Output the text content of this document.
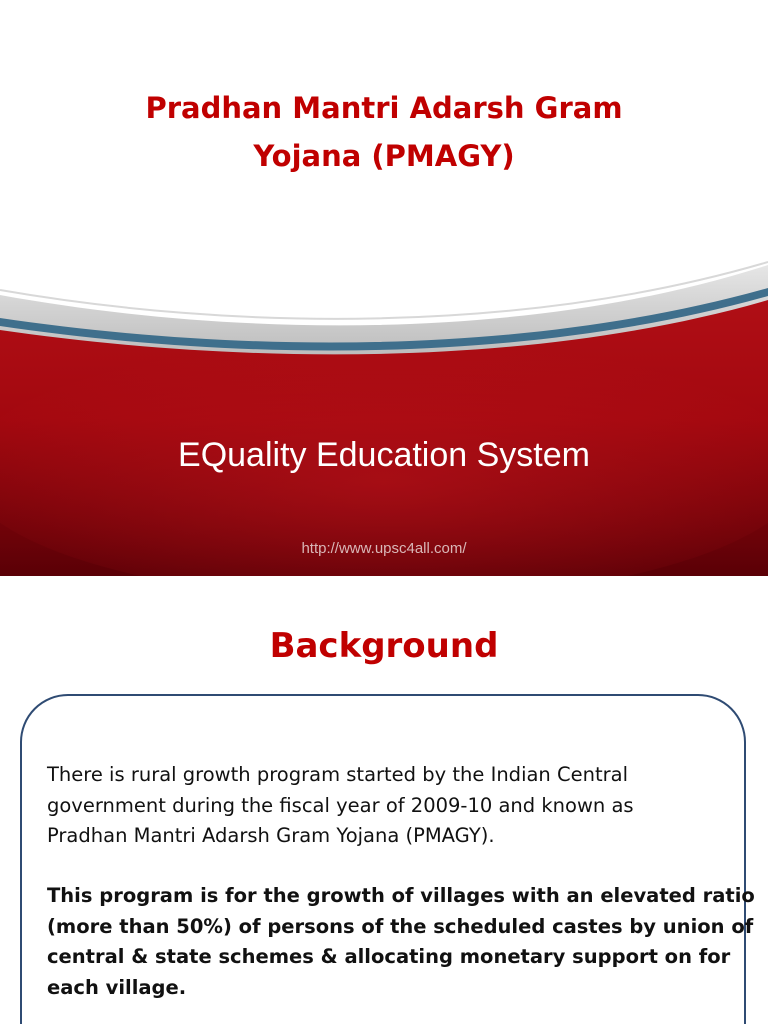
Pradhan Mantri Adarsh Gram
Yojana (PMAGY)
EQuality Education System
http://www.upsc4all.com/
Background

There is rural growth program started by the Indian Central
government during the fiscal year of 2009-10 and known as
Pradhan Mantri Adarsh Gram Yojana (PMAGY).

This program is for the growth of villages with an elevated ratio
(more than 50%) of persons of the scheduled castes by union of
central & state schemes & allocating monetary support on for
each village.
